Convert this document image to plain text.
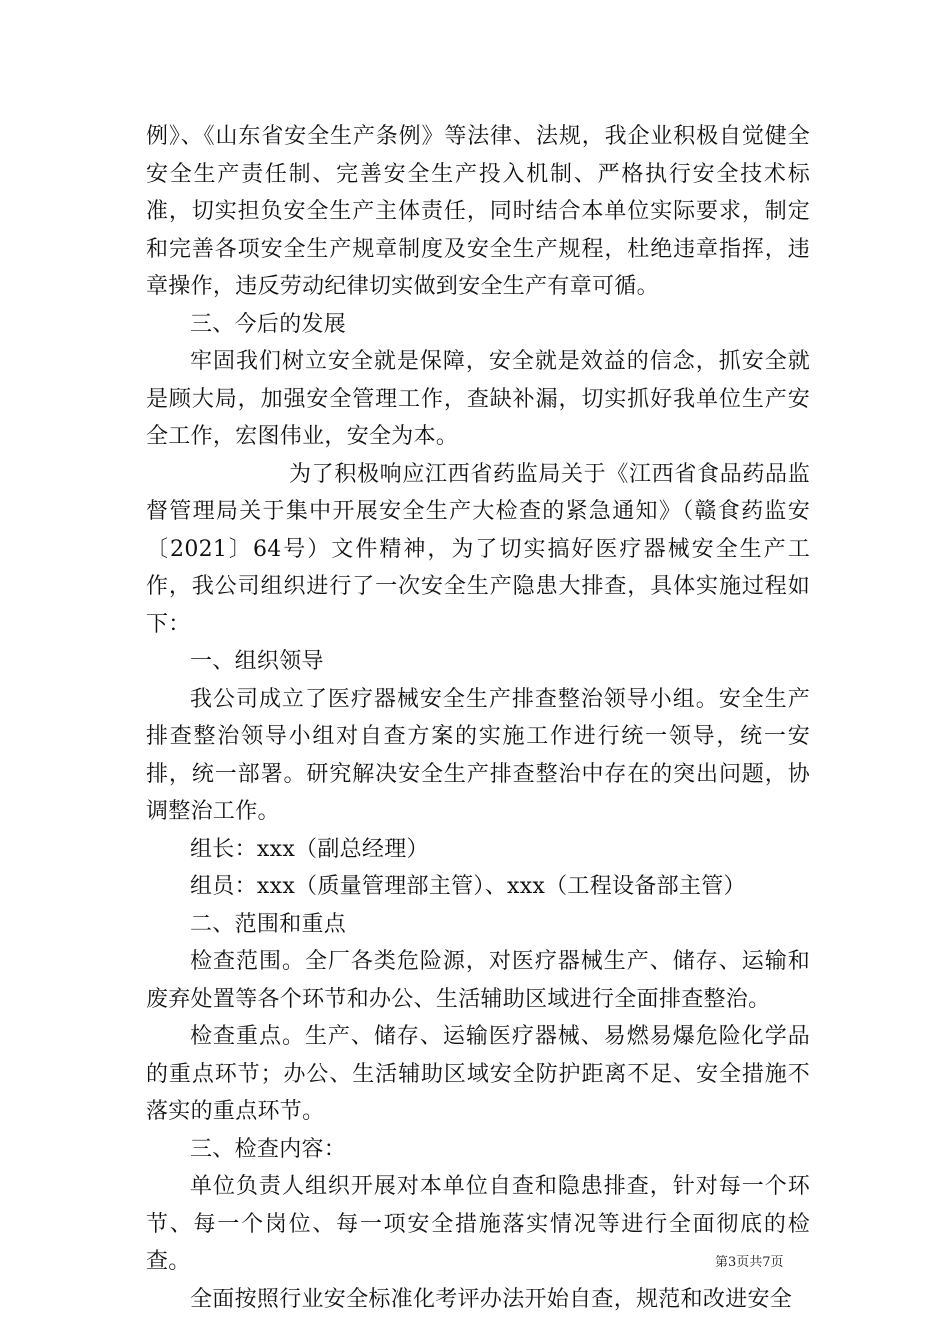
例》、《山东省安全生产条例》等法律、法规，我企业积极自觉健全安全生产责任制、完善安全生产投入机制、严格执行安全技术标准，切实担负安全生产主体责任，同时结合本单位实际要求，制定和完善各项安全生产规章制度及安全生产规程，杜绝违章指挥，违章操作，违反劳动纪律切实做到安全生产有章可循。

三、今后的发展

牢固我们树立安全就是保障，安全就是效益的信念，抓安全就是顾大局，加强安全管理工作，查缺补漏，切实抓好我单位生产安全工作，宏图伟业，安全为本。

为了积极响应江西省药监局关于《江西省食品药品监督管理局关于集中开展安全生产大检查的紧急通知》（赣食药监安〔2021〕64号）文件精神，为了切实搞好医疗器械安全生产工作，我公司组织进行了一次安全生产隐患大排查，具体实施过程如下：

一、组织领导

我公司成立了医疗器械安全生产排查整治领导小组。安全生产排查整治领导小组对自查方案的实施工作进行统一领导，统一安排，统一部署。研究解决安全生产排查整治中存在的突出问题，协调整治工作。

组长：xxx（副总经理）

组员：xxx（质量管理部主管）、xxx（工程设备部主管）

二、范围和重点

检查范围。全厂各类危险源，对医疗器械生产、储存、运输和废弃处置等各个环节和办公、生活辅助区域进行全面排查整治。

检查重点。生产、储存、运输医疗器械、易燃易爆危险化学品的重点环节；办公、生活辅助区域安全防护距离不足、安全措施不落实的重点环节。

三、检查内容：

单位负责人组织开展对本单位自查和隐患排查，针对每一个环节、每一个岗位、每一项安全措施落实情况等进行全面彻底的检查。

全面按照行业安全标准化考评办法开始自查，规范和改进安全

第3页共7页
